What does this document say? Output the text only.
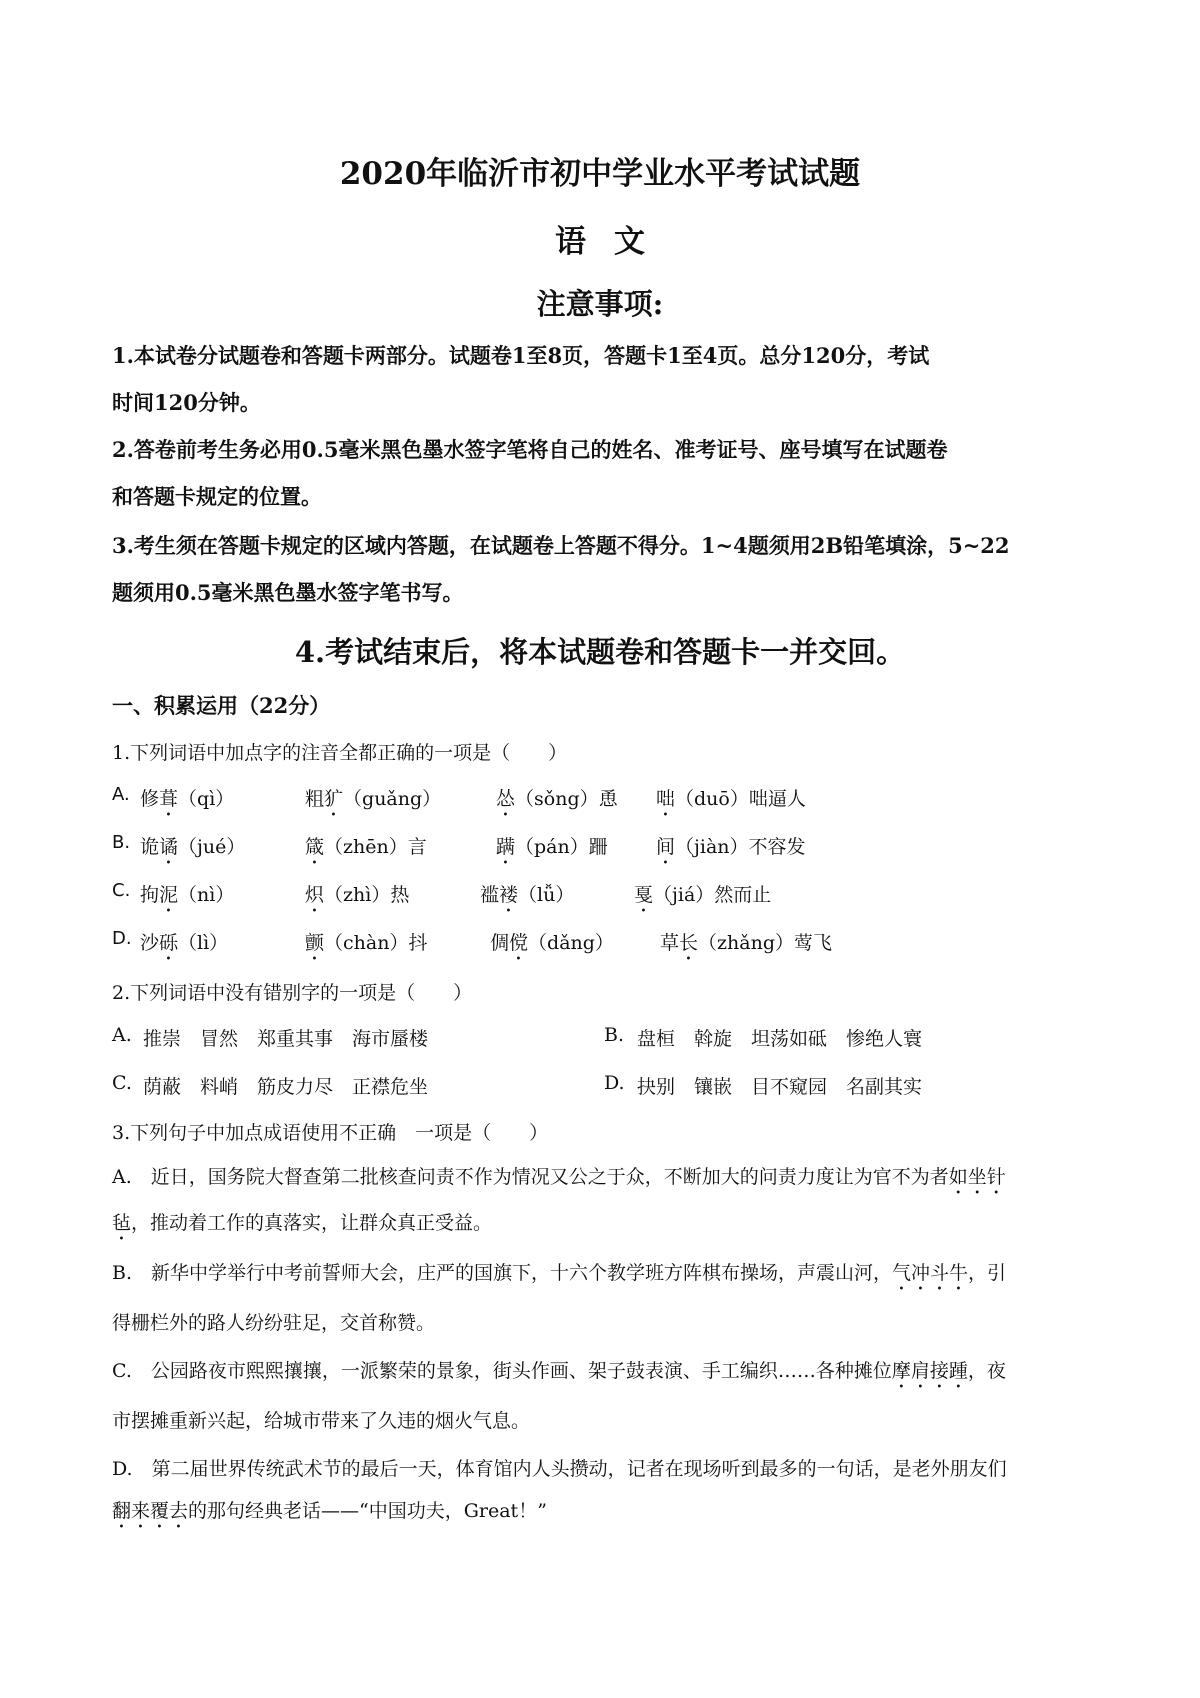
2020年临沂市初中学业水平考试试题
语文
注意事项:
1.本试卷分试题卷和答题卡两部分。试题卷1至8页，答题卡1至4页。总分120分，考试
时间120分钟。
2.答卷前考生务必用0.5毫米黑色墨水签字笔将自己的姓名、准考证号、座号填写在试题卷
和答题卡规定的位置。
3.考生须在答题卡规定的区域内答题，在试题卷上答题不得分。1~4题须用2B铅笔填涂，5~22
题须用0.5毫米黑色墨水签字笔书写。
4.考试结束后，将本试题卷和答题卡一并交回。
一、积累运用（22分）
1.下列词语中加点字的注音全都正确的一项是（　　）
A. 修葺（qì）	粗犷（guǎng）	怂（sǒng）恿 咄（duō）咄逼人
B. 诡谲（jué）	箴（zhēn）言	蹒（pán）跚	间（jiàn）不容发
C. 拘泥（nì）	炽（zhì）热	褴褛（lǚ）	戛（jiá）然而止
D. 沙砾（lì）	颤（chàn）抖	倜傥（dǎng） 草长（zhǎng）莺飞
2.下列词语中没有错别字的一项是（　　）
A. 推崇　冒然　郑重其事　海市蜃楼	B. 盘桓　斡旋　坦荡如砥　惨绝人寰
C. 荫蔽　料峭　筋皮力尽　正襟危坐	D. 抉别　镶嵌　目不窥园　名副其实
3.下列句子中加点成语使用不正确　一项是（　　）
A.　近日，国务院大督查第二批核查问责不作为情况又公之于众，不断加大的问责力度让为官不为者如坐针
毡，推动着工作的真落实，让群众真正受益。
B.　新华中学举行中考前誓师大会，庄严的国旗下，十六个教学班方阵棋布操场，声震山河，气冲斗牛，引
得栅栏外的路人纷纷驻足，交首称赞。
C.　公园路夜市熙熙攘攘，一派繁荣的景象，街头作画、架子鼓表演、手工编织……各种摊位摩肩接踵，夜
市摆摊重新兴起，给城市带来了久违的烟火气息。
D.　第二届世界传统武术节的最后一天，体育馆内人头攒动，记者在现场听到最多的一句话，是老外朋友们
翻来覆去的那句经典老话——“中国功夫，Great！”
